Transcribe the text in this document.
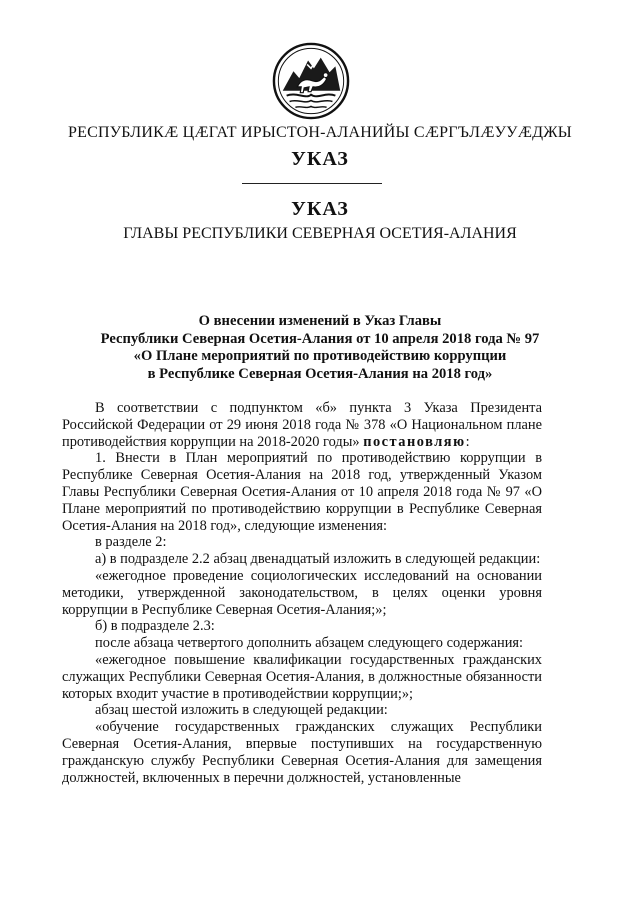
РЕСПУБЛИКӔ ЦӔГАТ ИРЫСТОН-АЛАНИЙЫ СӔРГЪЛӔУУӔДЖЫ
УКАЗ
УКАЗ
ГЛАВЫ РЕСПУБЛИКИ СЕВЕРНАЯ ОСЕТИЯ-АЛАНИЯ
О внесении изменений в Указ Главы
Республики Северная Осетия-Алания от 10 апреля 2018 года № 97
«О Плане мероприятий по противодействию коррупции
в Республике Северная Осетия-Алания на 2018 год»

В соответствии с подпунктом «б» пункта 3 Указа Президента Российской Федерации от 29 июня 2018 года № 378 «О Национальном плане противодействия коррупции на 2018-2020 годы» постановляю:

1. Внести в План мероприятий по противодействию коррупции в Республике Северная Осетия-Алания на 2018 год, утвержденный Указом Главы Республики Северная Осетия-Алания от 10 апреля 2018 года № 97 «О Плане мероприятий по противодействию коррупции в Республике Северная Осетия-Алания на 2018 год», следующие изменения:

в разделе 2:

а) в подразделе 2.2 абзац двенадцатый изложить в следующей редакции:

«ежегодное проведение социологических исследований на основании методики, утвержденной законодательством, в целях оценки уровня коррупции в Республике Северная Осетия-Алания;»;

б) в подразделе 2.3:

после абзаца четвертого дополнить абзацем следующего содержания:

«ежегодное повышение квалификации государственных гражданских служащих Республики Северная Осетия-Алания, в должностные обязанности которых входит участие в противодействии коррупции;»;

абзац шестой изложить в следующей редакции:

«обучение государственных гражданских служащих Республики Северная Осетия-Алания, впервые поступивших на государственную гражданскую службу Республики Северная Осетия-Алания для замещения должностей, включенных в перечни должностей, установленные
